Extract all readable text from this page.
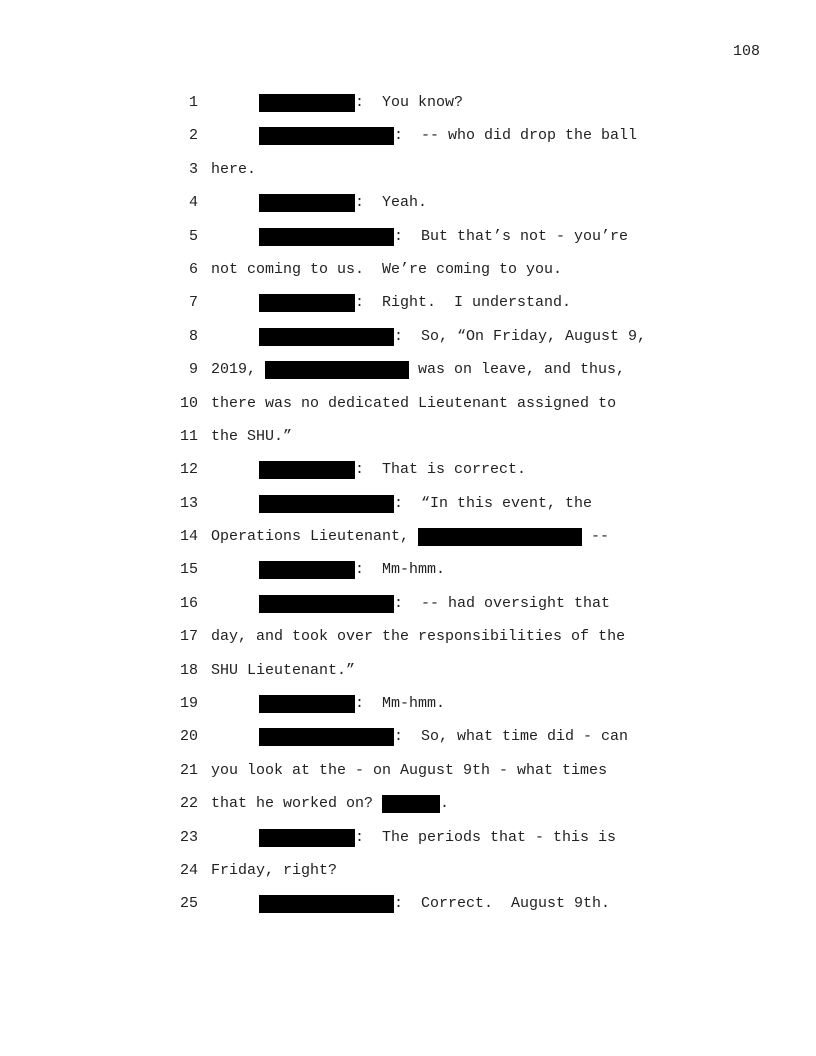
108
1	:  You know?
2	:  -- who did drop the ball
3 here.
4	:  Yeah.
5	:  But that’s not - you’re
6 not coming to us.  We’re coming to you.
7	:  Right.  I understand.
8	:  So, “On Friday, August 9,
9 2019,	was on leave, and thus,
10 there was no dedicated Lieutenant assigned to
11 the SHU.”
12	:  That is correct.
13	:  “In this event, the
14 Operations Lieutenant,	--
15	:  Mm-hmm.
16	:  -- had oversight that
17 day, and took over the responsibilities of the
18 SHU Lieutenant.”
19	:  Mm-hmm.
20	:  So, what time did - can
21 you look at the - on August 9th - what times
22 that he worked on?	.
23	:  The periods that - this is
24 Friday, right?
25	:  Correct.  August 9th.
